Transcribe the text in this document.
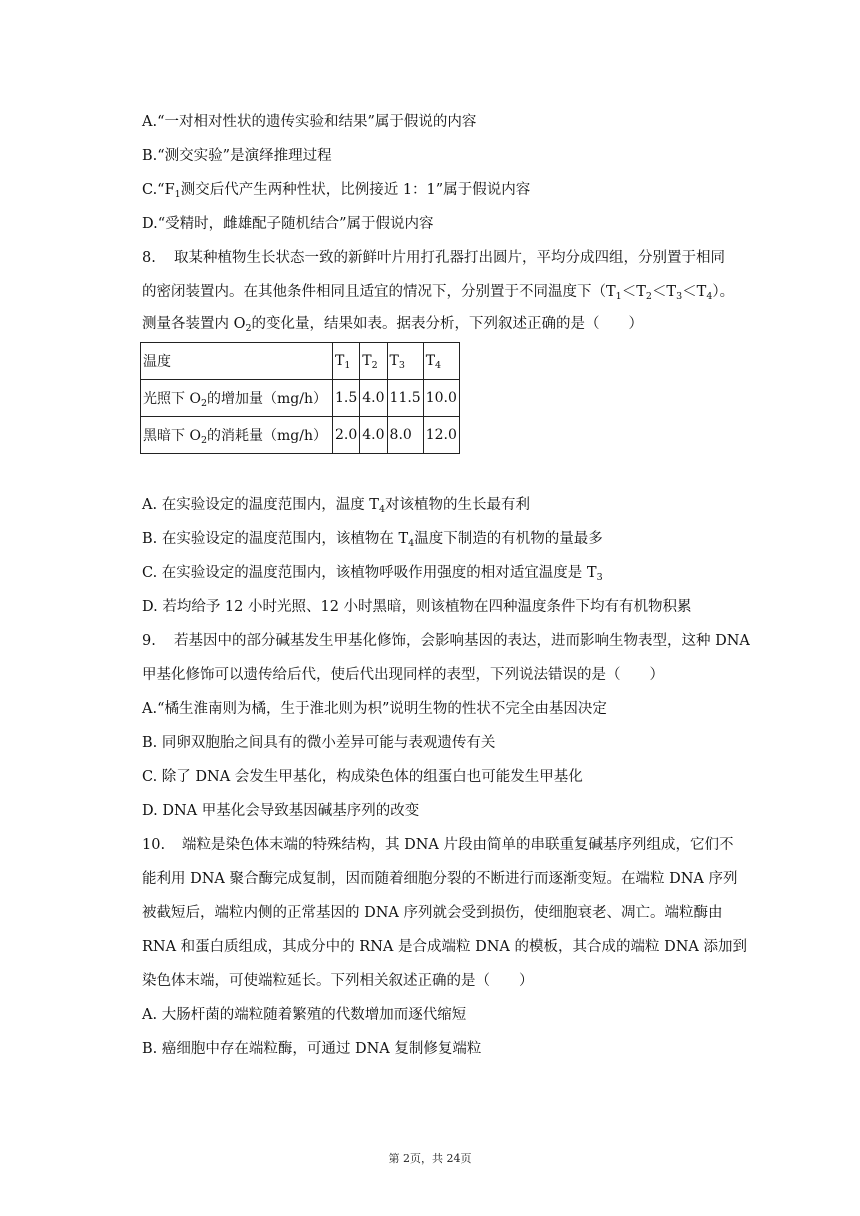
A.“一对相对性状的遗传实验和结果”属于假说的内容
B.“测交实验”是演绎推理过程
$C.“F_1$测交后代产生两种性状，比例接近 1：1”属于假说内容
D.“受精时，雌雄配子随机结合”属于假说内容
8. 取某种植物生长状态一致的新鲜叶片用打孔器打出圆片，平均分成四组，分别置于相同
的密闭装置内。在其他条件相同且适宜的情况下，分别置于不同温度下$(T_1<T_2<T_3<T_4)$。
测量各装置内 $O_2$的变化量，结果如表。据表分析，下列叙述正确的是（　　）
温度	$T_1$	$T_2$	$T_3$	$T_4$
光照下 $O_2$的增加量（mg/h）	1.5	4.0	11.5	10.0
黑暗下 $O_2$的消耗量（mg/h）	2.0	4.0	8.0	12.0
A. 在实验设定的温度范围内，温度 $T_4$对该植物的生长最有利
B. 在实验设定的温度范围内，该植物在 $T_4$温度下制造的有机物的量最多
C. 在实验设定的温度范围内，该植物呼吸作用强度的相对适宜温度是 $T_3$
D. 若均给予 12 小时光照、12 小时黑暗，则该植物在四种温度条件下均有有机物积累
9. 若基因中的部分碱基发生甲基化修饰，会影响基因的表达，进而影响生物表型，这种 DNA
甲基化修饰可以遗传给后代，使后代出现同样的表型，下列说法错误的是（　　）
A.“橘生淮南则为橘，生于淮北则为枳”说明生物的性状不完全由基因决定
B. 同卵双胞胎之间具有的微小差异可能与表观遗传有关
C. 除了 DNA 会发生甲基化，构成染色体的组蛋白也可能发生甲基化
D. DNA 甲基化会导致基因碱基序列的改变
10. 端粒是染色体末端的特殊结构，其 DNA 片段由简单的串联重复碱基序列组成，它们不
能利用 DNA 聚合酶完成复制，因而随着细胞分裂的不断进行而逐渐变短。在端粒 DNA 序列
被截短后，端粒内侧的正常基因的 DNA 序列就会受到损伤，使细胞衰老、凋亡。端粒酶由
RNA 和蛋白质组成，其成分中的 RNA 是合成端粒 DNA 的模板，其合成的端粒 DNA 添加到
染色体末端，可使端粒延长。下列相关叙述正确的是（　　）
A. 大肠杆菌的端粒随着繁殖的代数增加而逐代缩短
B. 癌细胞中存在端粒酶，可通过 DNA 复制修复端粒
第 2页，共 24页
